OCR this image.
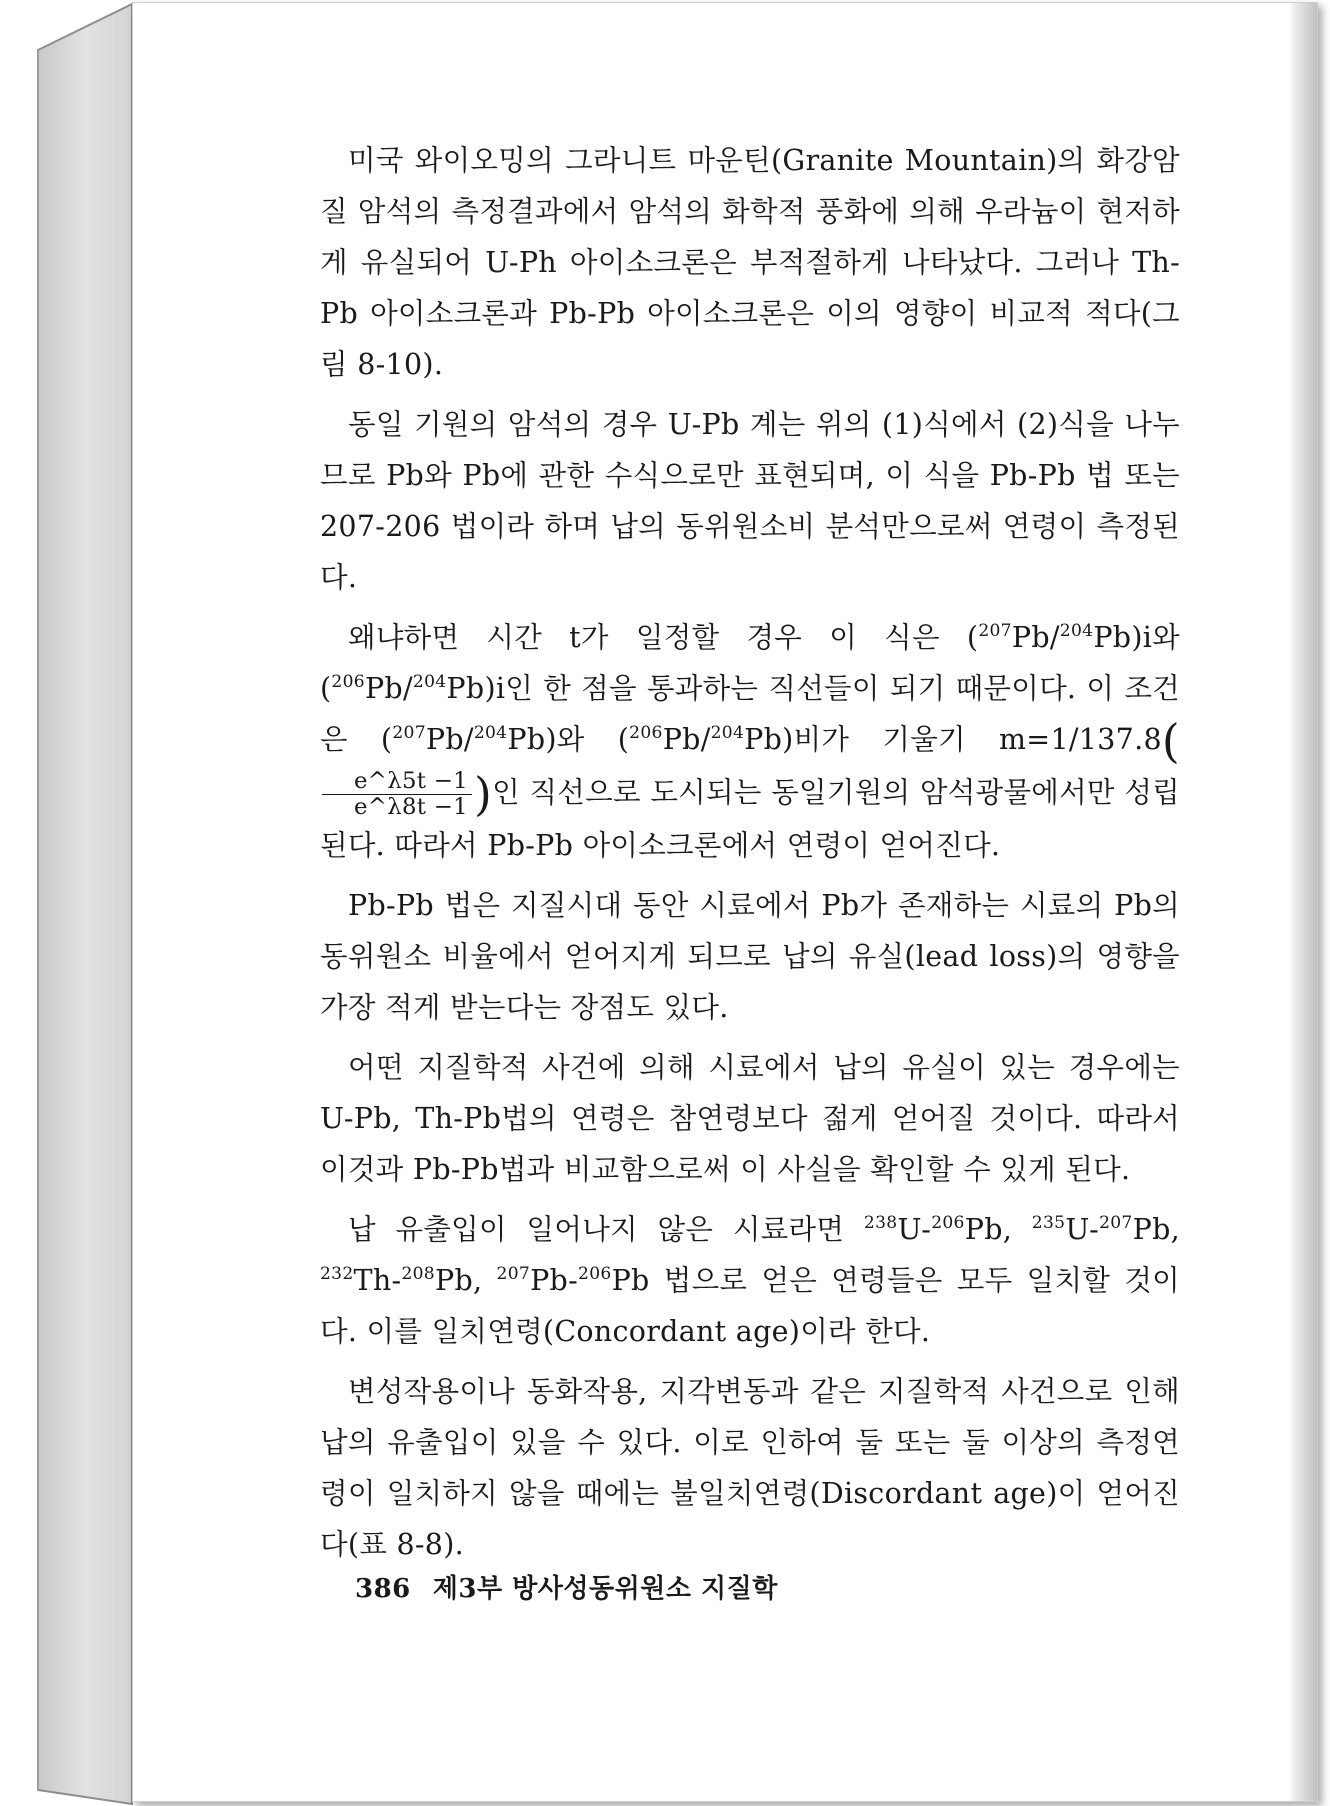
미국 와이오밍의 그라니트 마운틴(Granite Mountain)의 화강암질 암석의 측정결과에서 암석의 화학적 풍화에 의해 우라늄이 현저하게 유실되어 U-Ph 아이소크론은 부적절하게 나타났다. 그러나 Th-Pb 아이소크론과 Pb-Pb 아이소크론은 이의 영향이 비교적 적다(그림 8-10).

동일 기원의 암석의 경우 U-Pb 계는 위의 (1)식에서 (2)식을 나누므로 Pb와 Pb에 관한 수식으로만 표현되며, 이 식을 Pb-Pb 법 또는 207-206 법이라 하며 납의 동위원소비 분석만으로써 연령이 측정된다.

왜냐하면 시간 t가 일정할 경우 이 식은 ($^{207}$Pb/$^{204}$Pb)i와 ($^{206}$Pb/$^{204}$Pb)i인 한 점을 통과하는 직선들이 되기 때문이다. 이 조건은 ($^{207}$Pb/$^{204}$Pb)와 ($^{206}$Pb/$^{204}$Pb)비가 기울기 m=1/137.8(
$\frac{e\^{}\lambda 5t -1}{e\^{}\lambda 8t -1}$ )인 직선으로 도시되는 동일기원의 암석광물에서만 성립된다. 따라서 Pb-Pb 아이소크론에서 연령이 얻어진다.

Pb-Pb 법은 지질시대 동안 시료에서 Pb가 존재하는 시료의 Pb의 동위원소 비율에서 얻어지게 되므로 납의 유실(lead loss)의 영향을 가장 적게 받는다는 장점도 있다.

어떤 지질학적 사건에 의해 시료에서 납의 유실이 있는 경우에는 U-Pb, Th-Pb법의 연령은 참연령보다 젊게 얻어질 것이다. 따라서 이것과 Pb-Pb법과 비교함으로써 이 사실을 확인할 수 있게 된다.

납 유출입이 일어나지 않은 시료라면 $^{238}$U-$^{206}$Pb, $^{235}$U-$^{207}$Pb, $^{232}$Th-$^{208}$Pb, $^{207}$Pb-$^{206}$Pb 법으로 얻은 연령들은 모두 일치할 것이다. 이를 일치연령(Concordant age)이라 한다.

변성작용이나 동화작용, 지각변동과 같은 지질학적 사건으로 인해 납의 유출입이 있을 수 있다. 이로 인하여 둘 또는 둘 이상의 측정연령이 일치하지 않을 때에는 불일치연령(Discordant age)이 얻어진다(표 8-8).

386 제3부 방사성동위원소 지질학
